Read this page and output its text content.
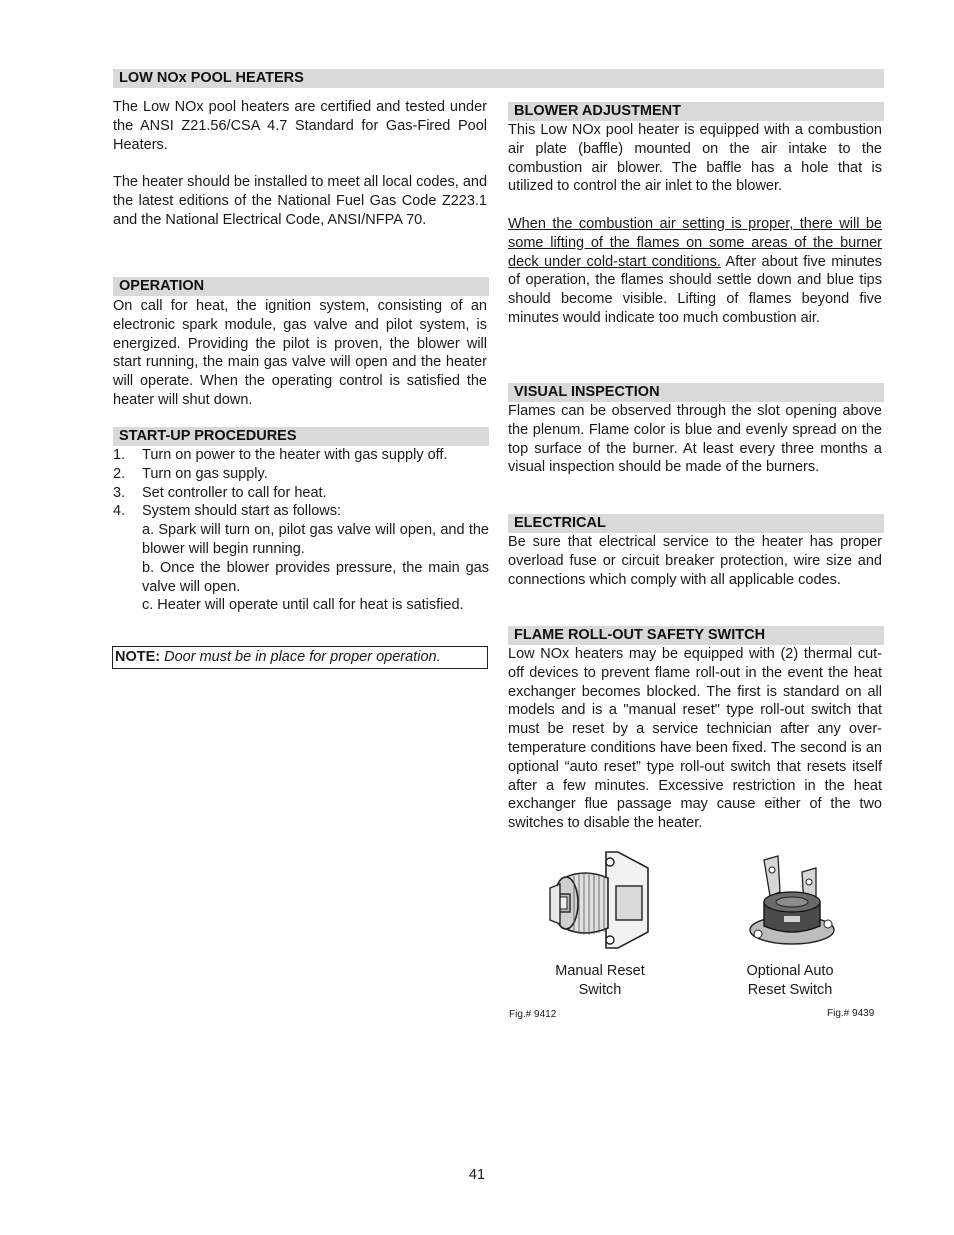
LOW NOx POOL HEATERS

The Low NOx pool heaters are certified and tested under the ANSI Z21.56/CSA 4.7 Standard for Gas-Fired Pool Heaters.

The heater should be installed to meet all local codes, and the latest editions of the National Fuel Gas Code Z223.1 and the National Electrical Code, ANSI/NFPA 70.

OPERATION
On call for heat, the ignition system, consisting of an electronic spark module, gas valve and pilot system, is energized. Providing the pilot is proven, the blower will start running, the main gas valve will open and the heater will operate. When the operating control is satisfied the heater will shut down.
START-UP PROCEDURES
1. Turn on power to the heater with gas supply off.
2. Turn on gas supply.
3. Set controller to call for heat.
4. System should start as follows:
a. Spark will turn on, pilot gas valve will open, and the blower will begin running.
b. Once the blower provides pressure, the main gas valve will open.
c. Heater will operate until call for heat is satisfied.
NOTE: Door must be in place for proper operation.
BLOWER ADJUSTMENT

This Low NOx pool heater is equipped with a combustion air plate (baffle) mounted on the air intake to the combustion air blower. The baffle has a hole that is utilized to control the air inlet to the blower.

When the combustion air setting is proper, there will be some lifting of the flames on some areas of the burner deck under cold-start conditions. After about five minutes of operation, the flames should settle down and blue tips should become visible. Lifting of flames beyond five minutes would indicate too much combustion air.

VISUAL INSPECTION
Flames can be observed through the slot opening above the plenum. Flame color is blue and evenly spread on the top surface of the burner. At least every three months a visual inspection should be made of the burners.
ELECTRICAL
Be sure that electrical service to the heater has proper overload fuse or circuit breaker protection, wire size and connections which comply with all applicable codes.
FLAME ROLL-OUT SAFETY SWITCH
Low NOx heaters may be equipped with (2) thermal cut-off devices to prevent flame roll-out in the event the heat exchanger becomes blocked. The first is standard on all models and is a "manual reset" type roll-out switch that must be reset by a service technician after any over-temperature conditions have been fixed. The second is an optional “auto reset” type roll-out switch that resets itself after a few minutes. Excessive restriction in the heat exchanger flue passage may cause either of the two switches to disable the heater.
Manual Reset
Switch
Optional Auto
Reset Switch
Fig.# 9412	Fig.# 9439
41
